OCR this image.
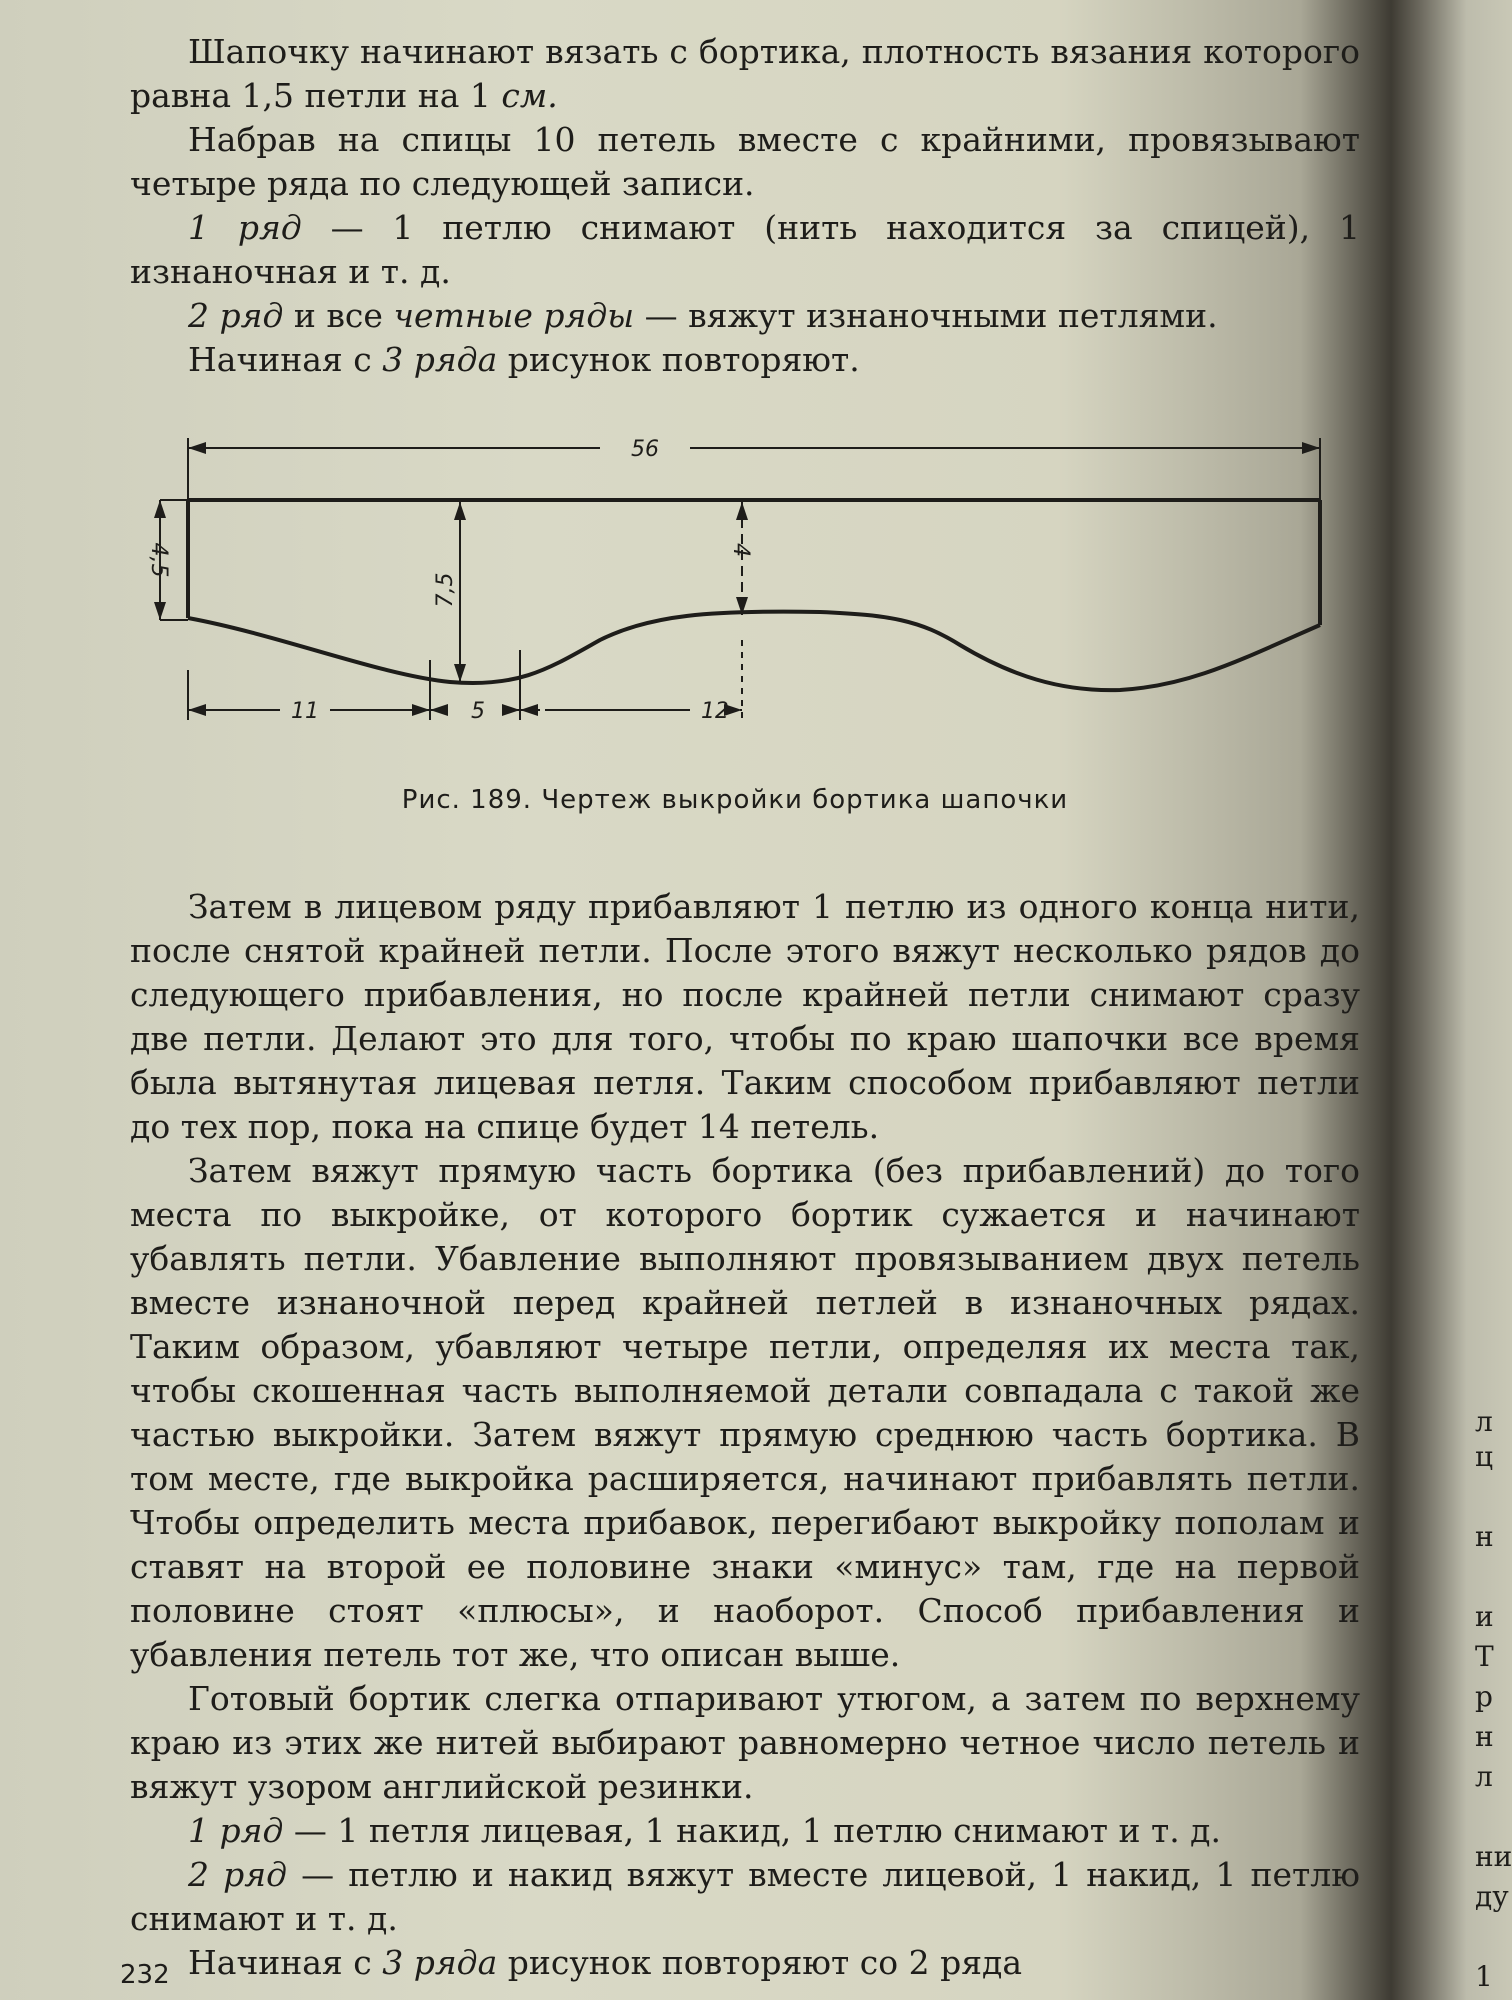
Шапочку начинают вязать с бортика, плотность вязания которого равна 1,5 петли на 1 см.

Набрав на спицы 10 петель вместе с крайними, провязывают четыре ряда по следующей записи.

1 ряд — 1 петлю снимают (нить находится за спицей), 1 изнаночная и т. д.

2 ряд и все четные ряды — вяжут изнаночными петлями.

Начиная с 3 ряда рисунок повторяют.

56
4,5
7,5
4
11	5	12
Рис. 189. Чертеж выкройки бортика шапочки

Затем в лицевом ряду прибавляют 1 петлю из одного конца нити, после снятой крайней петли. После этого вяжут несколько рядов до следующего прибавления, но после крайней петли снимают сразу две петли. Делают это для того, чтобы по краю шапочки все время была вытянутая лицевая петля. Таким способом прибавляют петли до тех пор, пока на спице будет 14 петель.

Затем вяжут прямую часть бортика (без прибавлений) до того места по выкройке, от которого бортик сужается и начинают убавлять петли. Убавление выполняют провязыванием двух петель вместе изнаночной перед крайней петлей в изнаночных рядах. Таким образом, убавляют четыре петли, определяя их места так, чтобы скошенная часть выполняемой детали совпадала с такой же частью выкройки. Затем вяжут прямую среднюю часть бортика. В том месте, где выкройка расширяется, начинают прибавлять петли. Чтобы определить места прибавок, перегибают выкройку пополам и ставят на второй ее половине знаки «минус» там, где на первой половине стоят «плюсы», и наоборот. Способ прибавления и убавления петель тот же, что описан выше.

Готовый бортик слегка отпаривают утюгом, а затем по верхнему краю из этих же нитей выбирают равномерно четное число петель и вяжут узором английской резинки.

1 ряд — 1 петля лицевая, 1 накид, 1 петлю снимают и т. д.

2 ряд — петлю и накид вяжут вместе лицевой, 1 накид, 1 петлю снимают и т. д.

Начиная с 3 ряда рисунок повторяют со 2 ряда

232
л
ц
н
и
Т
р
н
л
ни
ду
1
